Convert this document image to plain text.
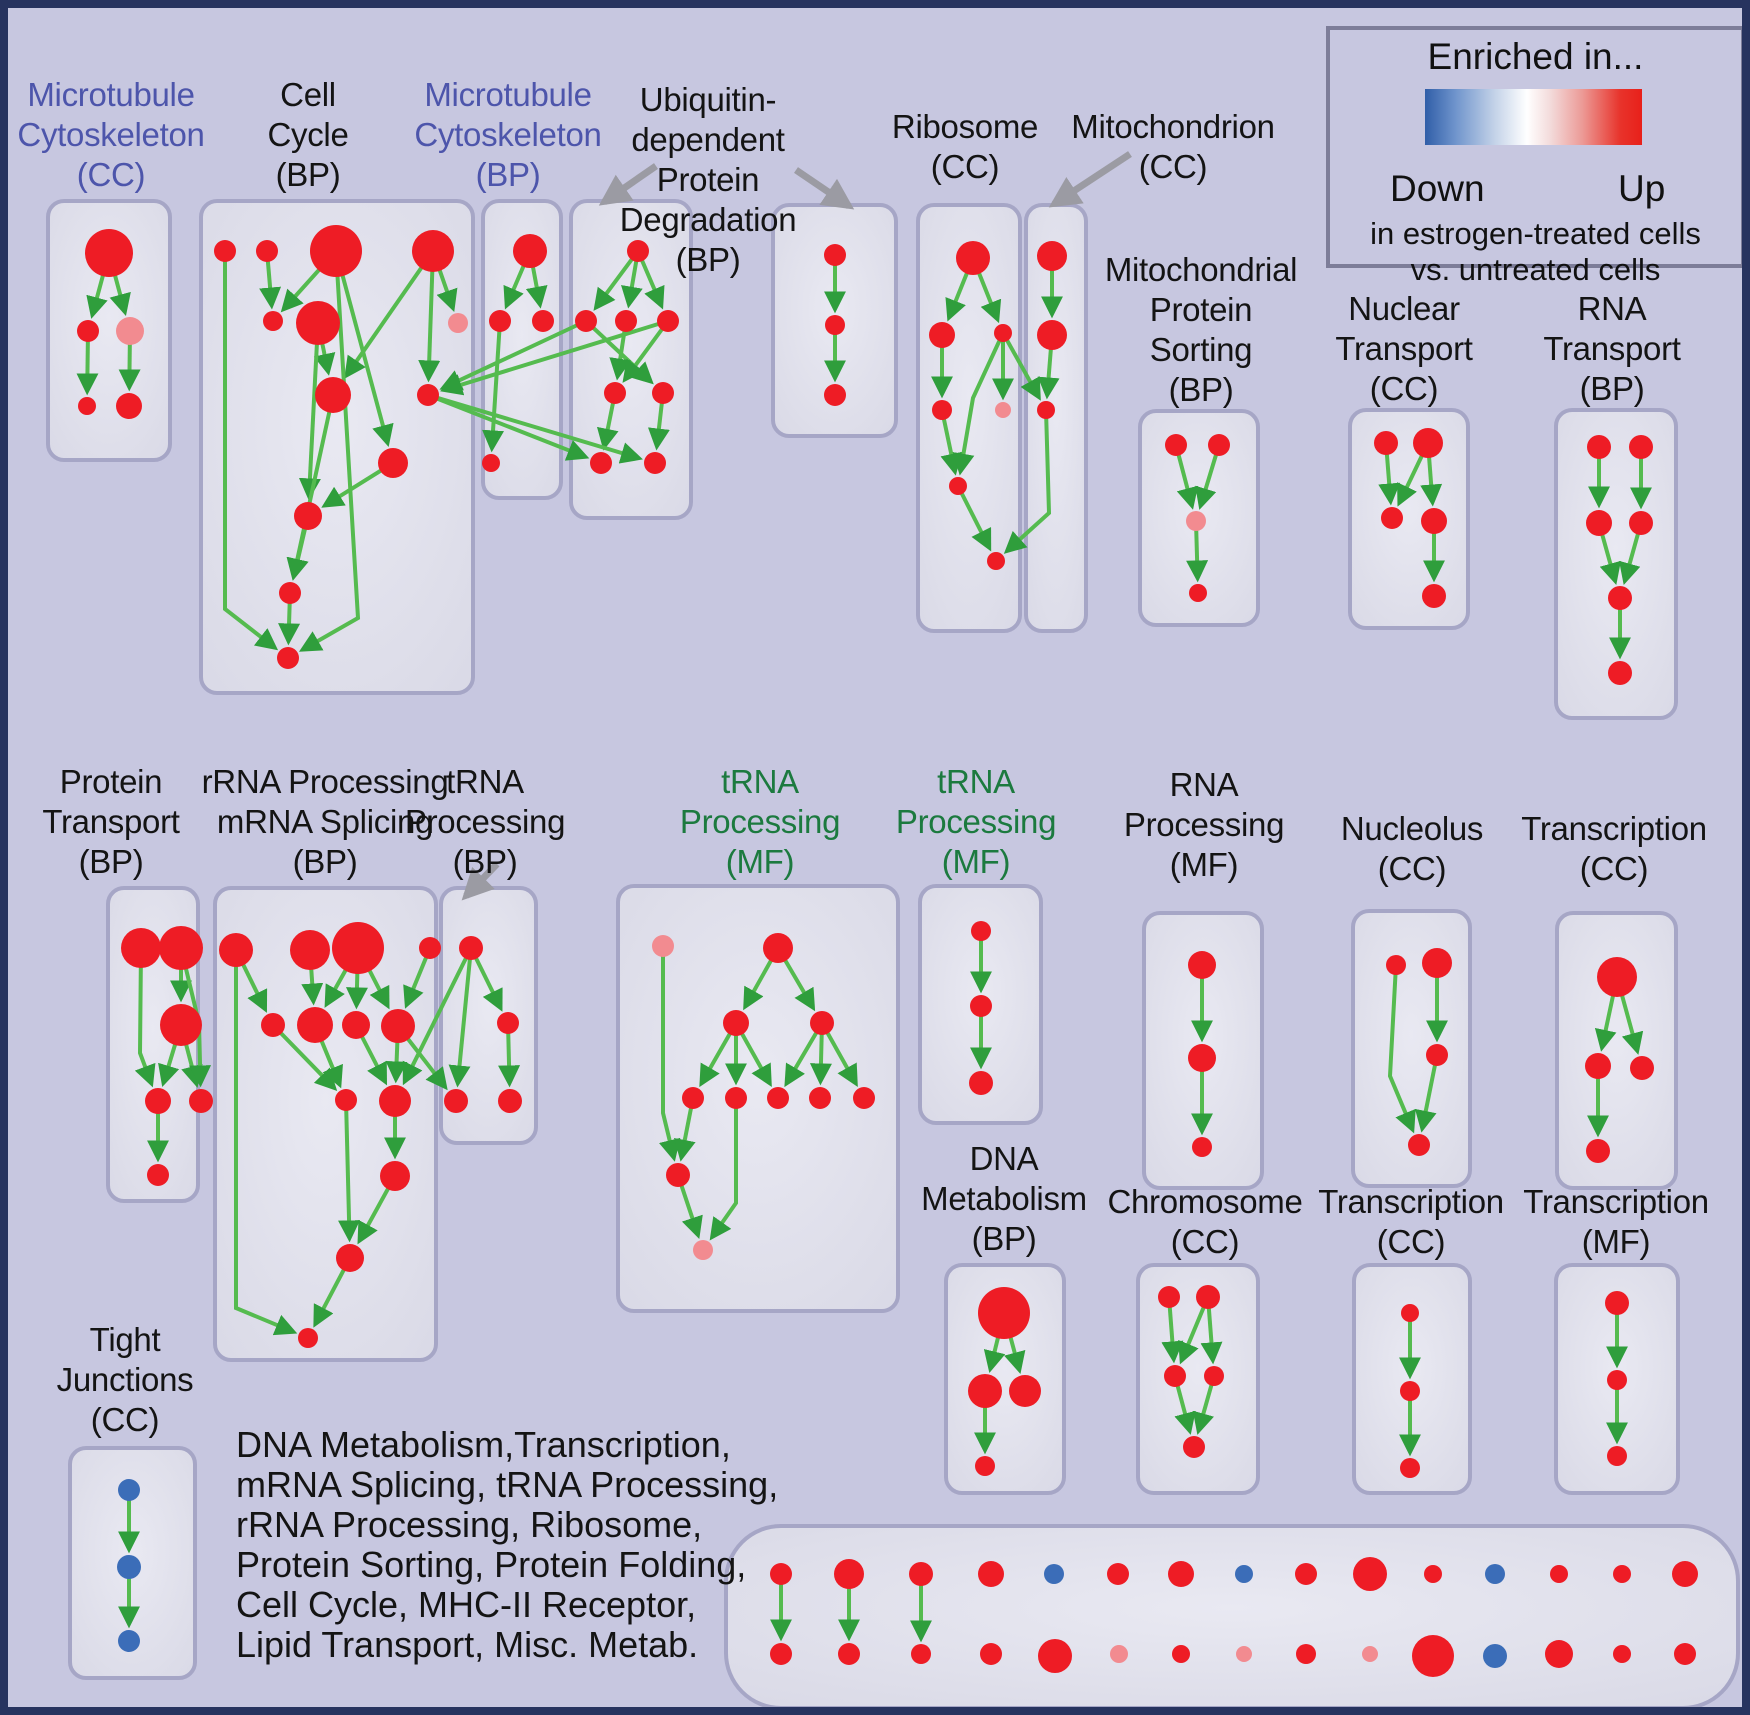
Microtubule
Cytoskeleton
(CC)
Cell
Cycle
(BP)
Microtubule
Cytoskeleton
(BP)
Ubiquitin-
dependent
Protein
Degradation
(BP)
Ribosome
(CC)
Mitochondrion
(CC)
Mitochondrial
Protein
Sorting
(BP)
Nuclear
Transport
(CC)
RNA
Transport
(BP)
Protein
Transport
(BP)
rRNA Processing
mRNA Splicing
(BP)
tRNA
Processing
(BP)
tRNA
Processing
(MF)
tRNA
Processing
(MF)
RNA
Processing
(MF)
Nucleolus
(CC)
Transcription
(CC)
DNA
Metabolism
(BP)
Chromosome
(CC)
Transcription
(CC)
Transcription
(MF)
Tight
Junctions
(CC)
DNA Metabolism,Transcription,
mRNA Splicing, tRNA Processing,
rRNA Processing, Ribosome,
Protein Sorting, Protein Folding,
Cell Cycle, MHC-II Receptor,
Lipid Transport, Misc. Metab.
Enriched in...
Down	Up
in estrogen-treated cells
vs. untreated cells
